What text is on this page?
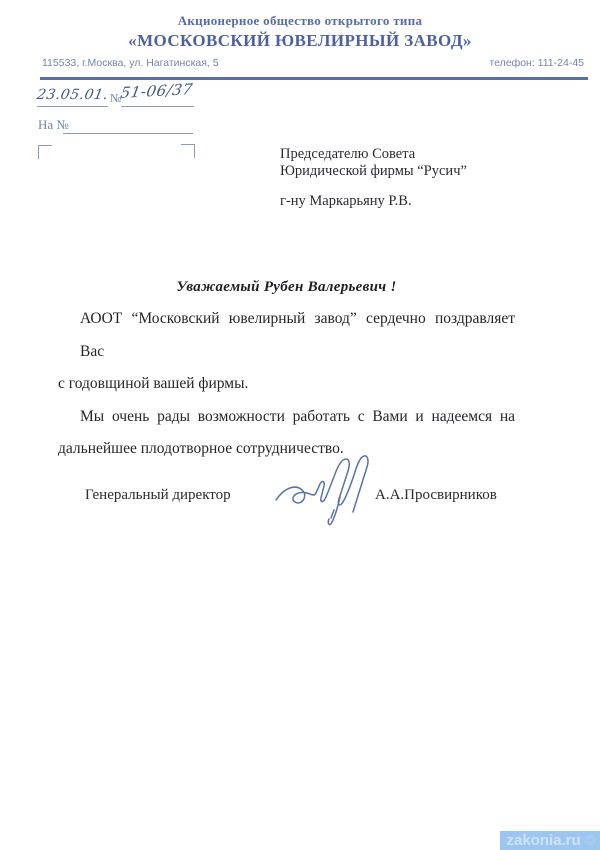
Акционерное общество открытого типа
«МОСКОВСКИЙ ЮВЕЛИРНЫЙ ЗАВОД»
115533, г.Москва, ул. Нагатинская, 5	телефон: 111-24-45
23.05.01. №
51-06/37
На №
Председателю Совета
Юридической фирмы “Русич”
г-ну Маркарьяну Р.В.
Уважаемый Рубен Валерьевич !
АООТ “Московский ювелирный завод” сердечно поздравляет Вас
с годовщиной вашей фирмы.
Мы очень рады возможности работать с Вами и надеемся на
дальнейшее плодотворное сотрудничество.
Генеральный директор	А.А.Просвирников
zakonia.ru ©
